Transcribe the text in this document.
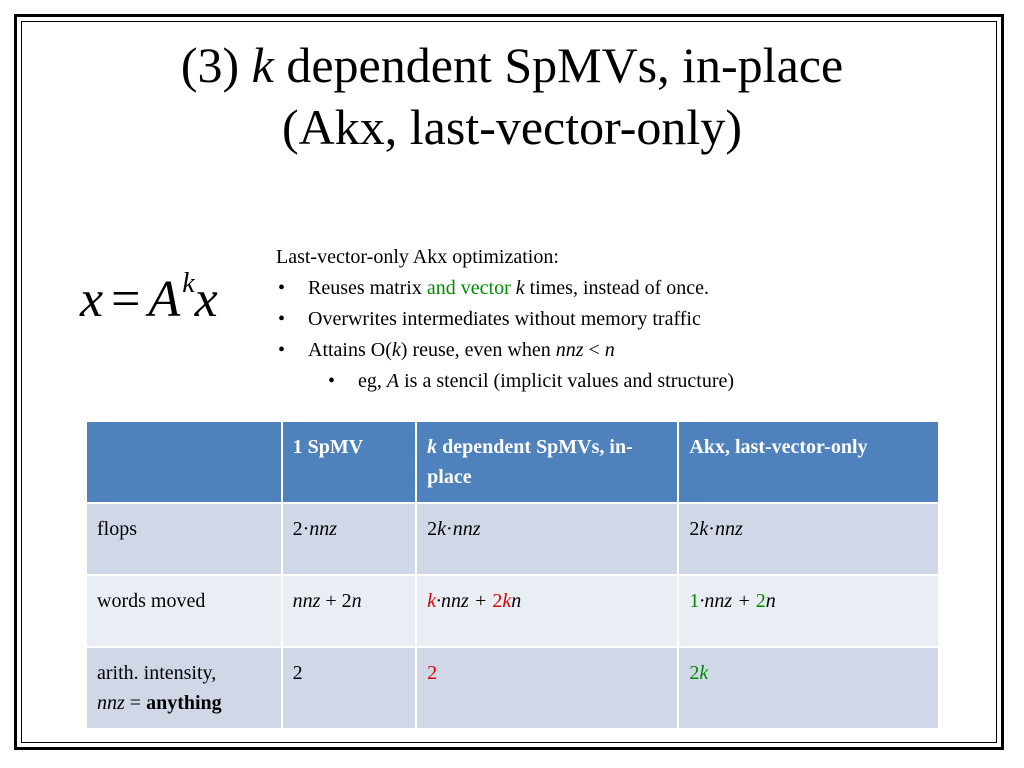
(3) k dependent SpMVs, in-place
(Akx, last-vector-only)
$x = A^kx$
Last-vector-only Akx optimization:
• Reuses matrix and vector k times, instead of once.
• Overwrites intermediates without memory traffic
• Attains O(k) reuse, even when nnz < n
• eg, A is a stencil (implicit values and structure)
	1 SpMV	k dependent SpMVs, in-place	Akx, last-vector-only
flops	2·nnz	2k·nnz	2k·nnz
words moved	nnz + 2n	k·nnz + 2kn	1·nnz + 2n

arith. intensity,
nnz = anything	2	2	2k
